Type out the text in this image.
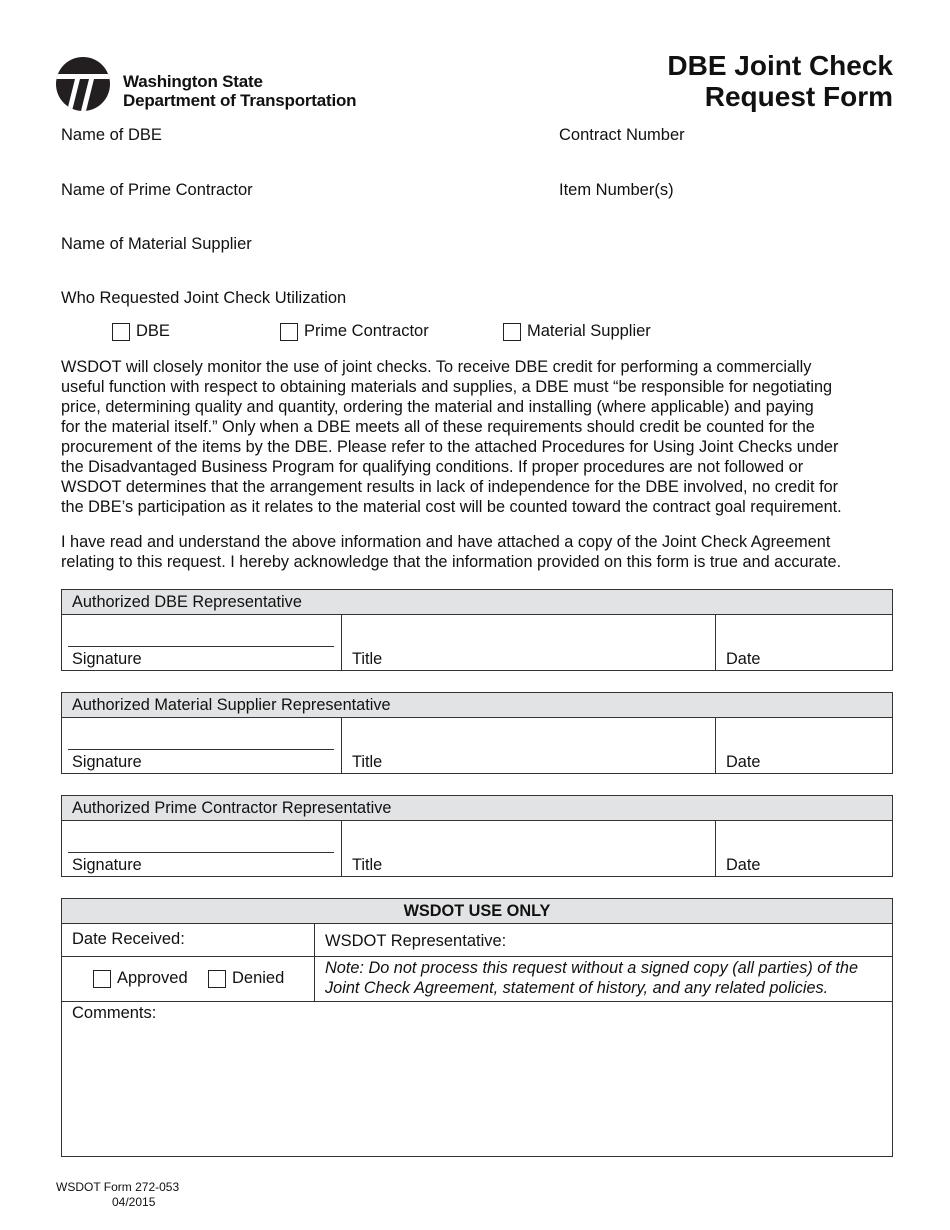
Washington State
Department of Transportation
DBE Joint Check
Request Form
Name of DBE	Contract Number
Name of Prime Contractor	Item Number(s)
Name of Material Supplier
Who Requested Joint Check Utilization
DBE	Prime Contractor	Material Supplier
WSDOT will closely monitor the use of joint checks. To receive DBE credit for performing a commercially
useful function with respect to obtaining materials and supplies, a DBE must “be responsible for negotiating
price, determining quality and quantity, ordering the material and installing (where applicable) and paying
for the material itself.” Only when a DBE meets all of these requirements should credit be counted for the
procurement of the items by the DBE. Please refer to the attached Procedures for Using Joint Checks under
the Disadvantaged Business Program for qualifying conditions. If proper procedures are not followed or
WSDOT determines that the arrangement results in lack of independence for the DBE involved, no credit for
the DBE’s participation as it relates to the material cost will be counted toward the contract goal requirement.
I have read and understand the above information and have attached a copy of the Joint Check Agreement
relating to this request. I hereby acknowledge that the information provided on this form is true and accurate.
Authorized DBE Representative
Signature	Title	Date
Authorized Material Supplier Representative
Signature	Title	Date
Authorized Prime Contractor Representative
Signature	Title	Date
WSDOT USE ONLY
Date Received:	WSDOT Representative:
Approved	Denied
Note: Do not process this request without a signed copy (all parties) of the
Joint Check Agreement, statement of history, and any related policies.
Comments:
WSDOT Form 272-053
04/2015
